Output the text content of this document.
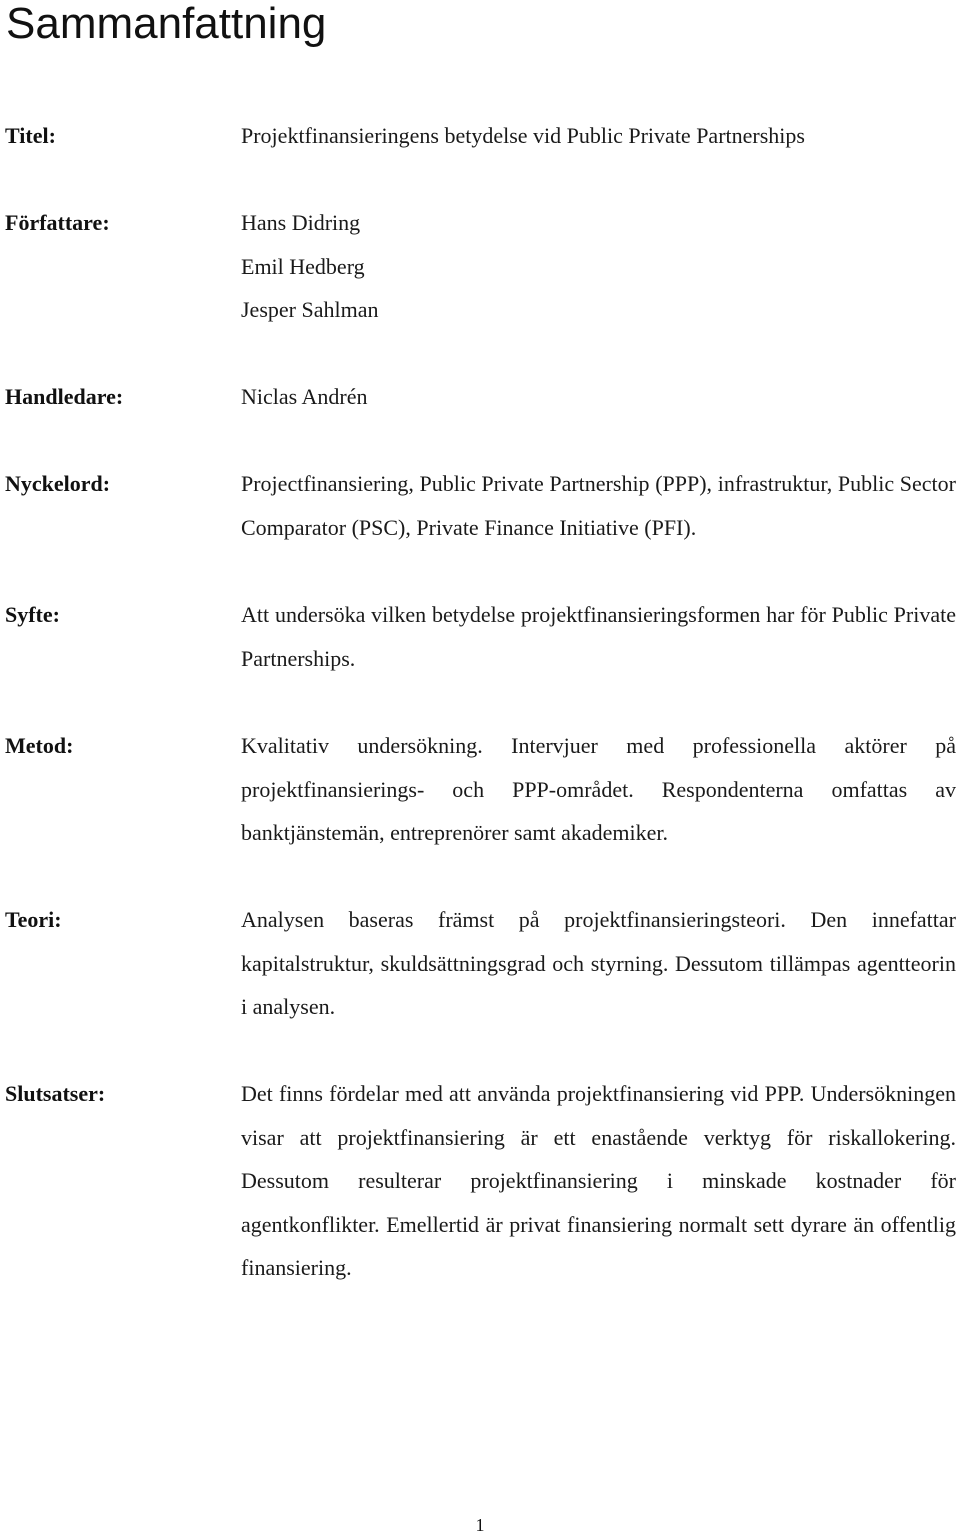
Sammanfattning
Titel:	Projektfinansieringens betydelse vid Public Private Partnerships
Författare:	Hans Didring
Emil Hedberg
Jesper Sahlman
Handledare:	Niclas Andrén
Nyckelord:	Projectfinansiering, Public Private Partnership (PPP), infrastruktur, Public Sector Comparator (PSC), Private Finance Initiative (PFI).
Syfte:	Att undersöka vilken betydelse projektfinansieringsformen har för Public Private Partnerships.
Metod:	Kvalitativ undersökning. Intervjuer med professionella aktörer på projektfinansierings- och PPP-området. Respondenterna omfattas av banktjänstemän, entreprenörer samt akademiker.
Teori:	Analysen baseras främst på projektfinansieringsteori. Den innefattar kapitalstruktur, skuldsättningsgrad och styrning. Dessutom tillämpas agentteorin i analysen.
Slutsatser:	Det finns fördelar med att använda projektfinansiering vid PPP. Undersökningen visar att projektfinansiering är ett enastående verktyg för riskallokering. Dessutom resulterar projektfinansiering i minskade kostnader för agentkonflikter. Emellertid är privat finansiering normalt sett dyrare än offentlig finansiering.
1
